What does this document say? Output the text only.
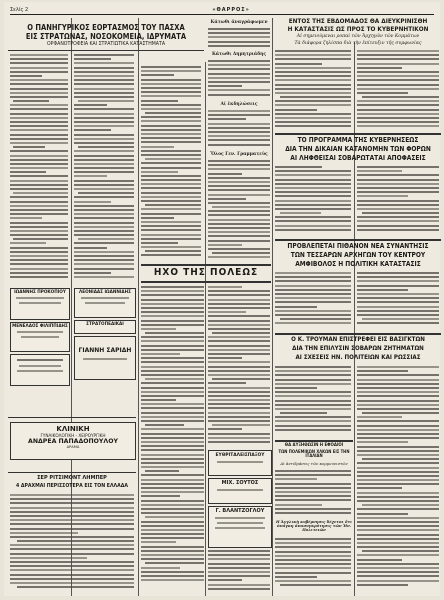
Σελίς 2	«ΘΑΡΡΟΣ»
Ο ΠΑΝΗΓΥΡΙΚΟΣ ΕΟΡΤΑΣΜΟΣ ΤΟΥ ΠΑΣΧΑ
ΕΙΣ ΣΤΡΑΤΩΝΑΣ, ΝΟΣΟΚΟΜΕΙΑ, ΙΔΡΥΜΑΤΑ
ΟΡΦΑΝΟΤΡΟΦΕΙΑ ΚΑΙ ΣΤΡΑΤΙΩΤΙΚΑ ΚΑΤΑΣΤΗΜΑΤΑ
ΙΩΑΝΝΗΣ ΠΡΟΚΟΠΙΟΥ
ΜΕΝΕΛΑΟΣ ΦΙΛΙΠΠΙΔΗΣ
ΛΕΟΝΙΔΑΣ ΙΩΑΝΝΙΔΗΣ
ΣΤΡΑΤΟΠΕΔΙΚΑΙ
ΓΙΑΝΝΗ ΣΑΡΙΔΗ
ΚΛΙΝΙΚΗ
ΓΥΝΑΙΚΟΛΟΓΙΚΗ - ΧΕΙΡΟΥΡΓΙΚΗ
ΑΝΔΡΕΑ ΠΑΠΑΔΟΠΟΥΛΟΥ
ΔΡΑΜΑ
ΣΕΡ ΡΙΤΣΙΜΟΝΤ ΛΗΜΠΕΡ
4 ΔΡΑΧΜΑΙ ΠΕΡΙΣΣΟΤΕΡΑ ΕΙΣ ΤΟΝ ΕΛΛΑΔΑ
Κάτωθι ἀναγράφωμεν
Κάτωθι Δημητριάδης
Αί ἐκδηλώσεις
Ὅλος Γεν. Γραμματεὺς
ΗΧΟ ΤΗΣ ΠΟΛΕΩΣ
ΕΥΘΡΙΤΑΛΕΙΣΠΑΞΟΥ
ΜΙΧ. ΣΟΥΤΟΣ
Γ. ΒΛΑΝΤΖΟΓΛΟΥ
ΕΝΤΟΣ ΤΗΣ ΕΒΔΟΜΑΔΟΣ ΘΑ ΔΙΕΥΚΡΙΝΙΣΘΗ
Η ΚΑΤΑΣΤΑΣΙΣ ΩΣ ΠΡΟΣ ΤΟ ΚΥΒΕΡΝΗΤΙΚΟΝ
Αἱ σημειούμεναι ροπαὶ τῶν Ἀρχηγῶν τῶν Κομμάτων
Τὰ διάφορα ζηλίσπα διὰ τὴν ἐπίτευξιν τῆς συμφωνίας
ΤΟ ΠΡΟΓΡΑΜΜΑ ΤΗΣ ΚΥΒΕΡΝΗΣΕΩΣ
ΔΙΑ ΤΗΝ ΔΙΚΑΙΑΝ ΚΑΤΑΝΟΜΗΝ ΤΩΝ ΦΟΡΩΝ
ΑΙ ΛΗΦΘΕΙΣΑΙ ΣΟΒΑΡΩΤΑΤΑΙ ΑΠΟΦΑΣΕΙΣ
ΠΡΟΒΛΕΠΕΤΑΙ ΠΙΘΑΝΟΝ ΝΕΑ ΣΥΝΑΝΤΗΣΙΣ
ΤΩΝ ΤΕΣΣΑΡΩΝ ΑΡΧΗΓΩΝ ΤΟΥ ΚΕΝΤΡΟΥ
ΑΜΦΙΒΟΛΟΣ Η ΠΟΛΙΤΙΚΗ ΚΑΤΑΣΤΑΣΙΣ
Ο Κ. ΤΡΟΥΜΑΝ ΕΠΙΣΤΡΕΦΕΙ ΕΙΣ ΒΑΣΙΓΚΤΩΝ
ΔΙΑ ΤΗΝ ΕΠΙΛΥΣΙΝ ΣΟΒΑΡΩΝ ΖΗΤΗΜΑΤΩΝ
ΑΙ ΣΧΕΣΕΙΣ ΗΝ. ΠΟΛΙΤΕΙΩΝ ΚΑΙ ΡΩΣΣΙΑΣ
ΘΑ ΑΥΞΗΘΩΣΙΝ Η ΕΦΟΔΙΟΙ
ΤΩΝ ΠΟΛΕΜΙΚΩΝ ΧΛΚΩΝ ΕΙΣ ΤΗΝ ΙΤΑΛΙΑΝ
Αἱ ἀντιδράσεις τῶν κομμουνιστῶν
Η Ἀγγλικὴ κυβέρνησις δέχεται ὅτι ἀνάγκη ἀνασυγκρότησις τῶν Ἠν. Πολιτειῶν
